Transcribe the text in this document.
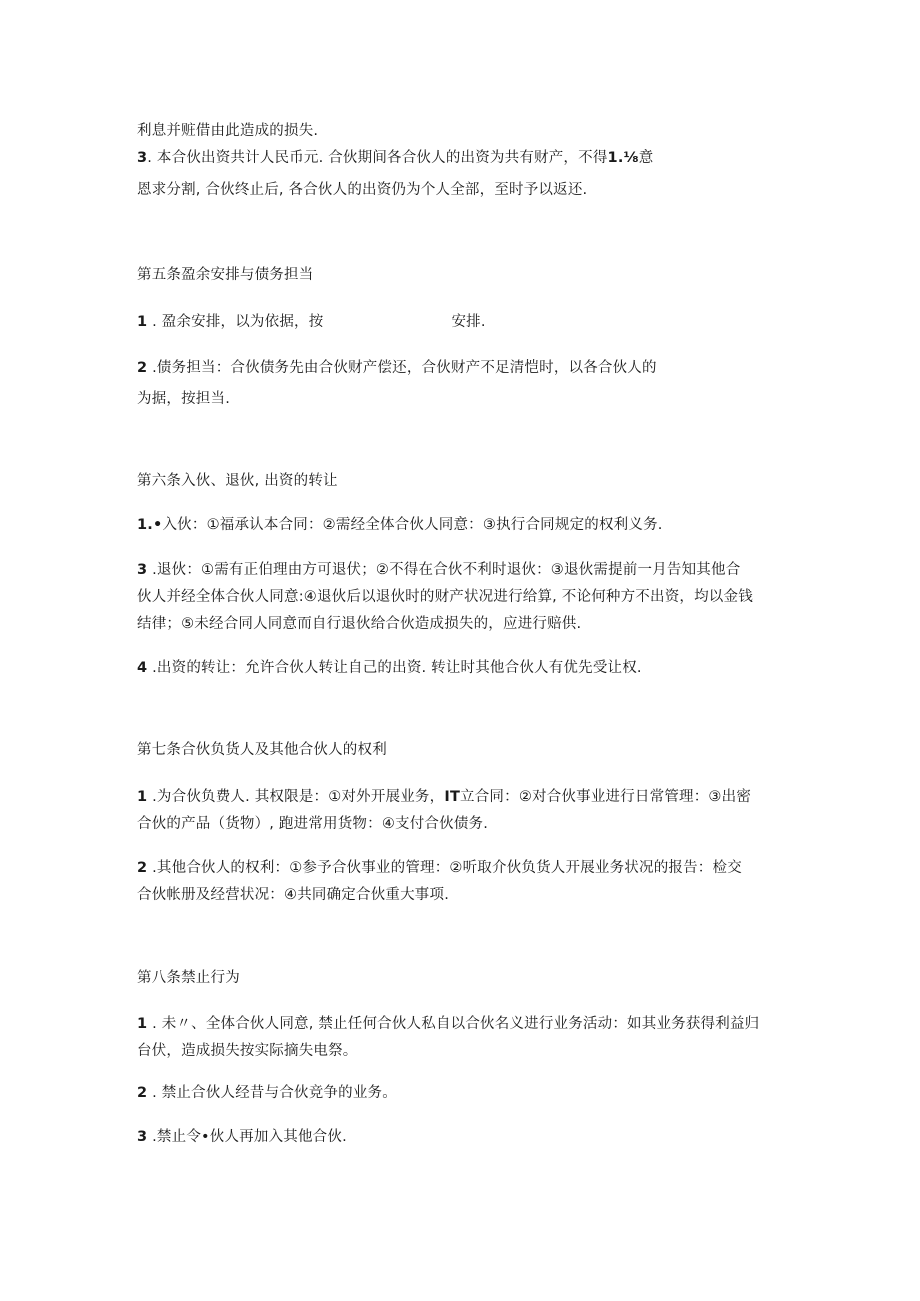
利息并赃借由此造成的损失.
3. 本合伙出资共计人民币元. 合伙期间各合伙人的出资为共有财产，不得1.⅛意
恩求分割, 合伙终止后, 各合伙人的出资仍为个人全部，至时予以返还.
第五条盈余安排与债务担当
1 . 盈余安排，以为依据，按	安排.
2 .债务担当：合伙债务先由合伙财产偿还，合伙财产不足清恺时，以各合伙人的
为据，按担当.
第六条入伙、退伙, 出资的转让
1.•入伙：①福承认本合同：②需经全体合伙人同意：③执行合同规定的权利义务.
3 .退伙：①需有正伯理由方可退伏；②不得在合伙不利时退伙：③退伙需提前一月告知其他合
伙人并经全体合伙人同意:④退伙后以退伙时的财产状况进行给算, 不论何种方不出资，均以金钱
结律；⑤未经合同人同意而自行退伙给合伙造成损失的，应进行赔供.
4 .出资的转让：允许合伙人转让自己的出资. 转让时其他合伙人有优先受让权.
第七条合伙负货人及其他合伙人的权利
1 .为合伙负费人. 其权限是：①对外开展业务，IT立合同：②对合伙事业进行日常管理：③出密
合伙的产品（货物）, 跑进常用货物：④支付合伙债务.
2 .其他合伙人的权利：①参予合伙事业的管理：②听取介伙负货人开展业务状况的报告：检交
合伙帐册及经营状况：④共同确定合伙重大事项.
第八条禁止行为
1 . 未〃、全体合伙人同意, 禁止任何合伙人私自以合伙名义进行业务活动：如其业务获得利益归
台伏，造成损失按实际摘失电祭。
2 . 禁止合伙人经昔与合伙竞争的业务。
3 .禁止令•伙人再加入其他合伙.
